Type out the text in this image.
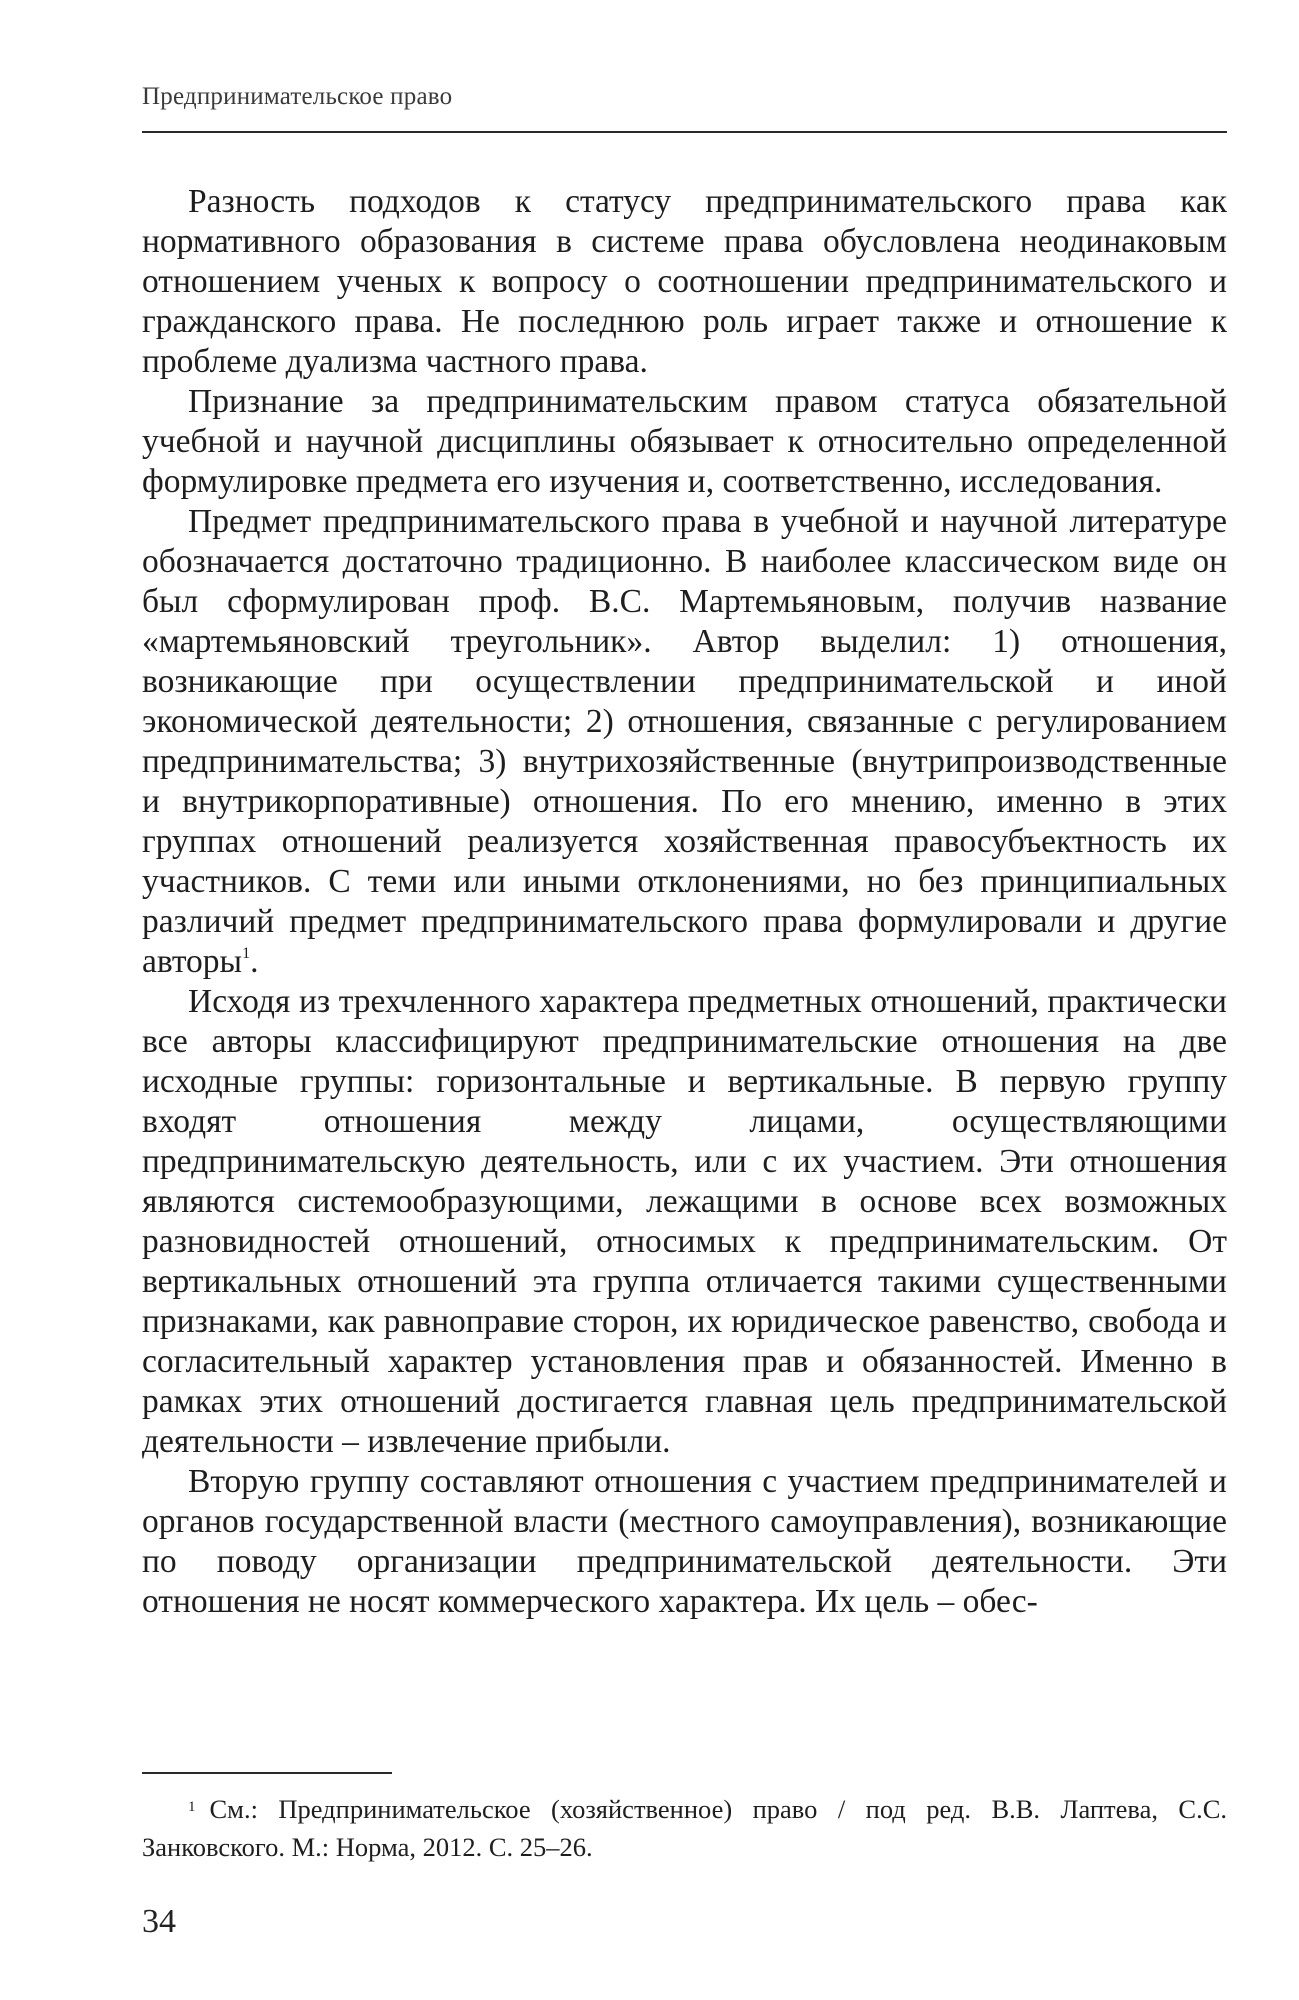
Предпринимательское право

Разность подходов к статусу предпринимательского права как нормативного образования в системе права обусловлена неодинаковым отношением ученых к вопросу о соотношении предпринимательского и гражданского права. Не последнюю роль играет также и отношение к проблеме дуализма частного права.

Признание за предпринимательским правом статуса обязательной учебной и научной дисциплины обязывает к относительно определенной формулировке предмета его изучения и, соответственно, исследования.

Предмет предпринимательского права в учебной и научной литературе обозначается достаточно традиционно. В наиболее классическом виде он был сформулирован проф. В.С. Мартемьяновым, получив название «мартемьяновский треугольник». Автор выделил: 1) отношения, возникающие при осуществлении предпринимательской и иной экономической деятельности; 2) отношения, связанные с регулированием предпринимательства; 3) внутрихозяйственные (внутрипроизводственные и внутрикорпоративные) отношения. По его мнению, именно в этих группах отношений реализуется хозяйственная правосубъектность их участников. С теми или иными отклонениями, но без принципиальных различий предмет предпринимательского права формулировали и другие авторы$^1$.

Исходя из трехчленного характера предметных отношений, практически все авторы классифицируют предпринимательские отношения на две исходные группы: горизонтальные и вертикальные. В первую группу входят отношения между лицами, осуществляющими предпринимательскую деятельность, или с их участием. Эти отношения являются системообразующими, лежащими в основе всех возможных разновидностей отношений, относимых к предпринимательским. От вертикальных отношений эта группа отличается такими существенными признаками, как равноправие сторон, их юридическое равенство, свобода и согласительный характер установления прав и обязанностей. Именно в рамках этих отношений достигается главная цель предпринимательской деятельности – извлечение прибыли.

Вторую группу составляют отношения с участием предпринимателей и органов государственной власти (местного самоуправления), возникающие по поводу организации предпринимательской деятельности. Эти отношения не носят коммерческого характера. Их цель – обес-

$^1$ См.: Предпринимательское (хозяйственное) право / под ред. В.В. Лаптева, С.С. Занковского. М.: Норма, 2012. С. 25–26.

34
